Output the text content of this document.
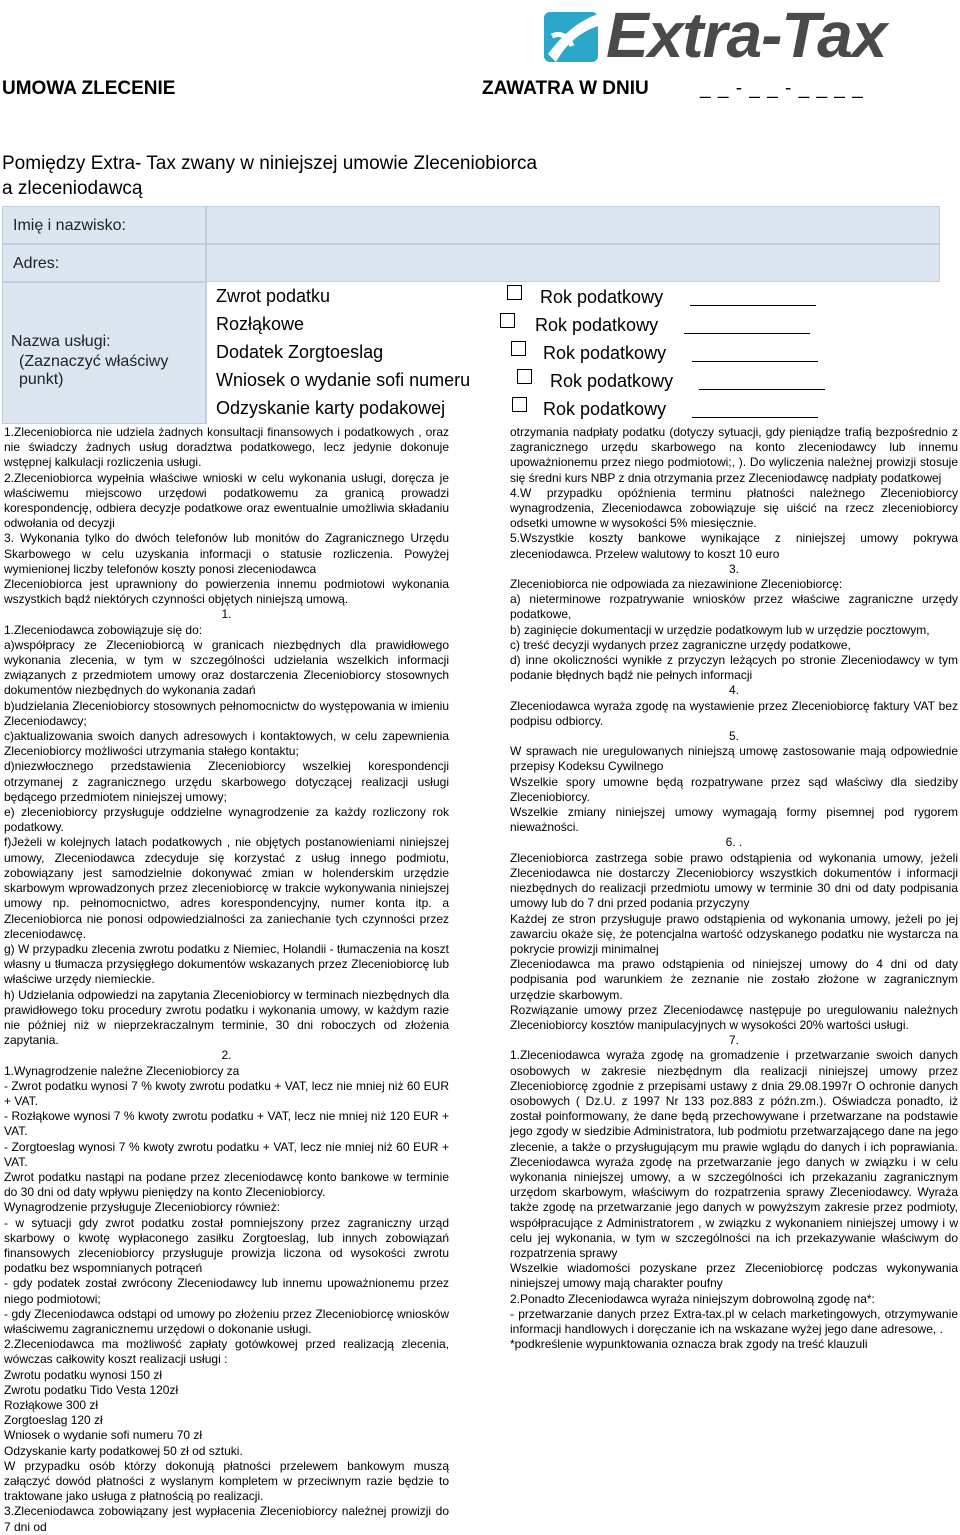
Extra-Tax
UMOWA ZLECENIE	ZAWATRA W DNIU	_ _ - _ _ - _ _ _ _
Pomiędzy Extra- Tax zwany w niniejszej umowie Zleceniobiorca
a zleceniodawcą
Imię i nazwisko:
Adres:
Nazwa usługi:
(Zaznaczyć właściwy punkt)
Zwrot podatku
Rozłąkowe
Dodatek Zorgtoeslag
Wniosek o wydanie sofi numeru
Odzyskanie karty podakowej
Rok podatkowy
Rok podatkowy
Rok podatkowy
Rok podatkowy
Rok podatkowy

1.Zleceniobiorca nie udziela żadnych konsultacji finansowych i podatkowych , oraz nie świadczy żadnych usług doradztwa podatkowego, lecz jedynie dokonuje wstępnej kalkulacji rozliczenia usługi.

2.Zleceniobiorca wypełnia właściwe wnioski w celu wykonania usługi, doręcza je właściwemu miejscowo urzędowi podatkowemu za granicą prowadzi korespondencję, odbiera decyzje podatkowe oraz ewentualnie umożliwia składaniu odwołania od decyzji

3. Wykonania tylko do dwóch telefonów lub monitów do Zagranicznego Urzędu Skarbowego w celu uzyskania informacji o statusie rozliczenia. Powyżej wymienionej liczby telefonów koszty ponosi zleceniodawca

Zleceniobiorca jest uprawniony do powierzenia innemu podmiotowi wykonania wszystkich bądź niektórych czynności objętych niniejszą umową.

1.

1.Zleceniodawca zobowiązuje się do:

a)współpracy ze Zleceniobiorcą w granicach niezbędnych dla prawidłowego wykonania zlecenia, w tym w szczególności udzielania wszelkich informacji związanych z przedmiotem umowy oraz dostarczenia Zleceniobiorcy stosownych dokumentów niezbędnych do wykonania zadań

b)udzielania Zleceniobiorcy stosownych pełnomocnictw do występowania w imieniu Zleceniodawcy;

c)aktualizowania swoich danych adresowych i kontaktowych, w celu zapewnienia Zleceniobiorcy możliwości utrzymania stałego kontaktu;

d)niezwłocznego przedstawienia Zleceniobiorcy wszelkiej korespondencji otrzymanej z zagranicznego urzędu skarbowego dotyczącej realizacji usługi będącego przedmiotem niniejszej umowy;

e) zleceniobiorcy przysługuje oddzielne wynagrodzenie za każdy rozliczony rok podatkowy.

f)Jeżeli w kolejnych latach podatkowych , nie objętych postanowieniami niniejszej umowy, Zleceniodawca zdecyduje się korzystać z usług innego podmiotu, zobowiązany jest samodzielnie dokonywać zmian w holenderskim urzędzie skarbowym wprowadzonych przez zleceniobiorcę w trakcie wykonywania niniejszej umowy np. pełnomocnictwo, adres korespondencyjny, numer konta itp. a Zleceniobiorca nie ponosi odpowiedzialności za zaniechanie tych czynności przez zleceniodawcę.

g) W przypadku zlecenia zwrotu podatku z Niemiec, Holandii - tłumaczenia na koszt własny u tłumacza przysięgłego dokumentów wskazanych przez Zleceniobiorcę lub właściwe urzędy niemieckie.

h) Udzielania odpowiedzi na zapytania Zleceniobiorcy w terminach niezbędnych dla prawidłowego toku procedury zwrotu podatku i wykonania umowy, w każdym razie nie później niż w nieprzekraczalnym terminie, 30 dni roboczych od złożenia zapytania.

2.

1.Wynagrodzenie należne Zleceniobiorcy za

- Zwrot podatku wynosi 7 % kwoty zwrotu podatku + VAT, lecz nie mniej niż 60 EUR + VAT.

- Rozłąkowe wynosi 7 % kwoty zwrotu podatku + VAT, lecz nie mniej niż 120 EUR + VAT.

- Zorgtoeslag wynosi 7 % kwoty zwrotu podatku + VAT, lecz nie mniej niż 60 EUR + VAT.

Zwrot podatku nastąpi na podane przez zleceniodawcę konto bankowe w terminie do 30 dni od daty wpływu pieniędzy na konto Zleceniobiorcy.

Wynagrodzenie przysługuje Zleceniobiorcy również:

- w sytuacji gdy zwrot podatku został pomniejszony przez zagraniczny urząd skarbowy o kwotę wypłaconego zasiłku Zorgtoeslag, lub innych zobowiązań finansowych zleceniobiorcy przysługuje prowizja liczona od wysokości zwrotu podatku bez wspomnianych potrąceń

- gdy podatek został zwrócony Zleceniodawcy lub innemu upoważnionemu przez niego podmiotowi;

- gdy Zleceniodawca odstąpi od umowy po złożeniu przez Zleceniobiorcę wniosków właściwemu zagranicznemu urzędowi o dokonanie usługi.

2.Zleceniodawca ma możliwość zapłaty gotówkowej przed realizacją zlecenia, wówczas całkowity koszt realizacji usługi :

Zwrotu podatku wynosi 150 zł

Zwrotu podatku Tido Vesta 120zł

Rozłąkowe 300 zł

Zorgtoeslag 120 zł

Wniosek o wydanie sofi numeru 70 zł

Odzyskanie karty podatkowej 50 zł od sztuki.

W przypadku osób którzy dokonują płatności przelewem bankowym muszą załączyć dowód płatności z wyslanym kompletem w przeciwnym razie będzie to traktowane jako usługa z płatnością po realizacji.

3.Zleceniodawca zobowiązany jest wypłacenia Zleceniobiorcy należnej prowizji do 7 dni od

otrzymania nadpłaty podatku (dotyczy sytuacji, gdy pieniądze trafią bezpośrednio z zagranicznego urzędu skarbowego na konto zleceniodawcy lub innemu upoważnionemu przez niego podmiotowi;, ). Do wyliczenia należnej prowizji stosuje się średni kurs NBP z dnia otrzymania przez Zleceniodawcę nadpłaty podatkowej

4.W przypadku opóźnienia terminu płatności należnego Zleceniobiorcy wynagrodzenia, Zleceniodawca zobowiązuje się uiścić na rzecz zleceniobiorcy odsetki umowne w wysokości 5% miesięcznie.

5.Wszystkie koszty bankowe wynikające z niniejszej umowy pokrywa zleceniodawca. Przelew walutowy to koszt 10 euro

3.

Zleceniobiorca nie odpowiada za niezawinione Zleceniobiorcę:

a) nieterminowe rozpatrywanie wniosków przez właściwe zagraniczne urzędy podatkowe,

b) zaginięcie dokumentacji w urzędzie podatkowym lub w urzędzie pocztowym,

c) treść decyzji wydanych przez zagraniczne urzędy podatkowe,

d) inne okoliczności wynikłe z przyczyn leżących po stronie Zleceniodawcy w tym podanie błędnych bądź nie pełnych informacji

4.

Zleceniodawca wyraża zgodę na wystawienie przez Zleceniobiorcę faktury VAT bez podpisu odbiorcy.

5.

W sprawach nie uregulowanych niniejszą umowę zastosowanie mają odpowiednie przepisy Kodeksu Cywilnego

Wszelkie spory umowne będą rozpatrywane przez sąd właściwy dla siedziby Zleceniobiorcy.

Wszelkie zmiany niniejszej umowy wymagają formy pisemnej pod rygorem nieważności.

6. .

Zleceniobiorca zastrzega sobie prawo odstąpienia od wykonania umowy, jeżeli Zleceniodawca nie dostarczy Zleceniobiorcy wszystkich dokumentów i informacji niezbędnych do realizacji przedmiotu umowy w terminie 30 dni od daty podpisania umowy lub do 7 dni przed podania przyczyny

Każdej ze stron przysługuje prawo odstąpienia od wykonania umowy, jeżeli po jej zawarciu okaże się, że potencjalna wartość odzyskanego podatku nie wystarcza na pokrycie prowizji minimalnej

Zleceniodawca ma prawo odstąpienia od niniejszej umowy do 4 dni od daty podpisania pod warunkiem że zeznanie nie zostało złożone w zagranicznym urzędzie skarbowym.

Rozwiązanie umowy przez Zleceniodawcę następuje po uregulowaniu należnych Zleceniobiorcy kosztów manipulacyjnych w wysokości 20% wartości usługi.

7.

1.Zleceniodawca wyraża zgodę na gromadzenie i przetwarzanie swoich danych osobowych w zakresie niezbędnym dla realizacji niniejszej umowy przez Zleceniobiorcę zgodnie z przepisami ustawy z dnia 29.08.1997r O ochronie danych osobowych ( Dz.U. z 1997 Nr 133 poz.883 z późn.zm.). Oświadcza ponadto, iż został poinformowany, że dane będą przechowywane i przetwarzane na podstawie jego zgody w siedzibie Administratora, lub podmiotu przetwarzającego dane na jego zlecenie, a także o przysługującym mu prawie wglądu do danych i ich poprawiania. Zleceniodawca wyraża zgodę na przetwarzanie jego danych w związku i w celu wykonania niniejszej umowy, a w szczególności ich przekazaniu zagranicznym urzędom skarbowym, właściwym do rozpatrzenia sprawy Zleceniodawcy. Wyraża także zgodę na przetwarzanie jego danych w powyższym zakresie przez podmioty, współpracujące z Administratorem , w związku z wykonaniem niniejszej umowy i w celu jej wykonania, w tym w szczególności na ich przekazywanie właściwym do rozpatrzenia sprawy

Wszelkie wiadomości pozyskane przez Zleceniobiorcę podczas wykonywania niniejszej umowy mają charakter poufny

2.Ponadto Zleceniodawca wyraża niniejszym dobrowolną zgodę na*:

- przetwarzanie danych przez Extra-tax.pl w celach marketingowych, otrzymywanie informacji handlowych i doręczanie ich na wskazane wyżej jego dane adresowe, .

*podkreślenie wypunktowania oznacza brak zgody na treść klauzuli
